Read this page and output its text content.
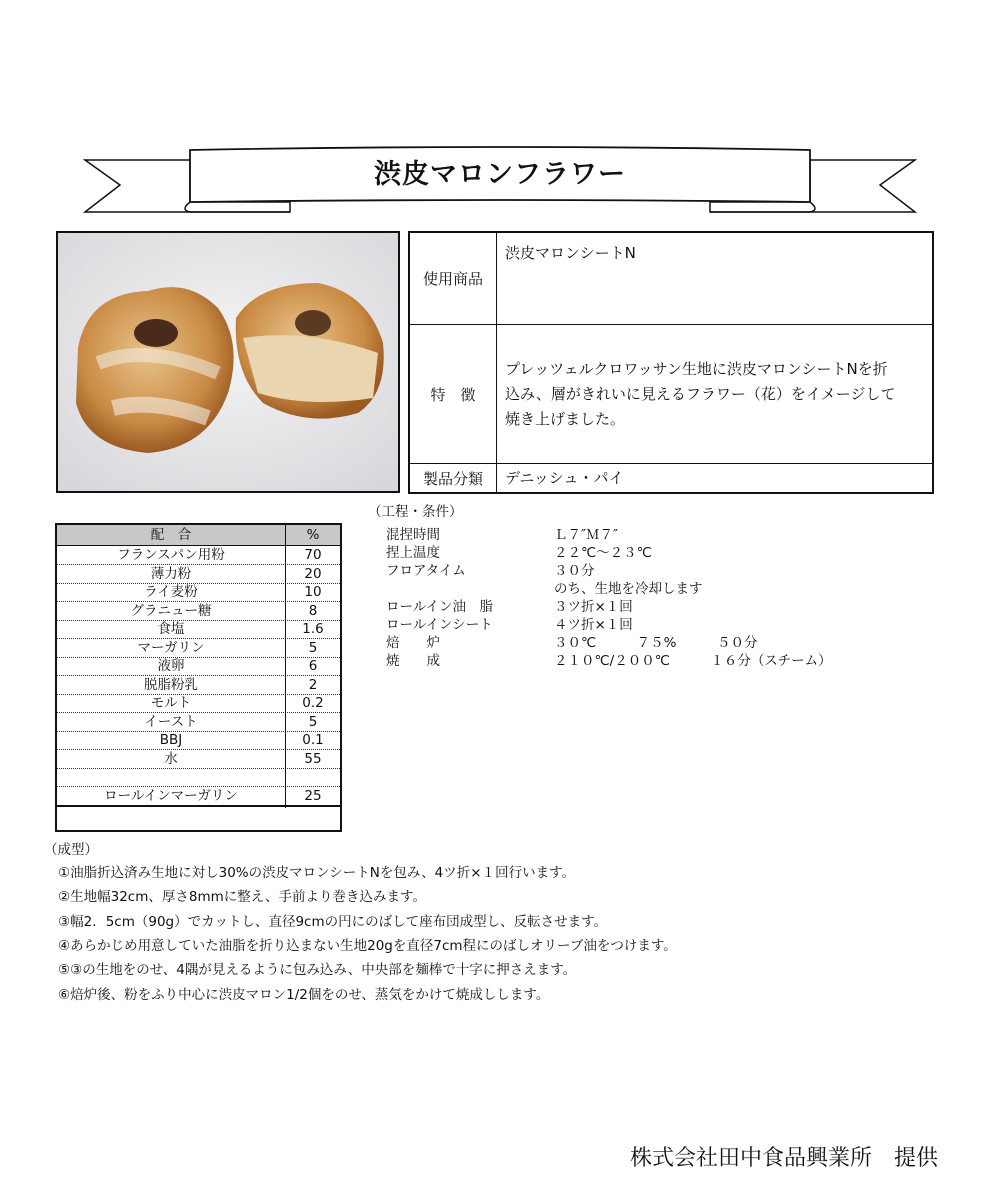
渋皮マロンフラワー
使用商品	渋皮マロンシートN
特　徴	プレッツェルクロワッサン生地に渋皮マロンシートNを折
込み、層がきれいに見えるフラワー（花）をイメージして
焼き上げました。

製品分類	デニッシュ・パイ
配　合	%
フランスパン用粉	70
薄力粉	20
ライ麦粉	10
グラニュー糖	8
食塩	1.6
マーガリン	5
液卵	6
脱脂粉乳	2
モルト	0.2
イースト	5
BBJ	0.1
水	55
ロールインマーガリン	25
（工程・条件）
混捏時間	Ｌ７″Ｍ７″
捏上温度	２２℃～２３℃
フロアタイム	３０分
のち、生地を冷却します
ロールイン油　脂	３ツ折×１回
ロールインシート	４ツ折×１回
焙　　炉	３０℃　　　７５%　　　５０分
焼　　成	２１０℃/２００℃　　　１６分（スチーム）
（成型）
①油脂折込済み生地に対し30%の渋皮マロンシートNを包み、4ツ折×１回行います。
②生地幅32cm、厚さ8mmに整え、手前より巻き込みます。
③幅2．5cm（90g）でカットし、直径9cmの円にのばして座布団成型し、反転させます。
④あらかじめ用意していた油脂を折り込まない生地20gを直径7cm程にのばしオリーブ油をつけます。
⑤③の生地をのせ、4隅が見えるように包み込み、中央部を麺棒で十字に押さえます。
⑥焙炉後、粉をふり中心に渋皮マロン1/2個をのせ、蒸気をかけて焼成しします。
株式会社田中食品興業所　提供
